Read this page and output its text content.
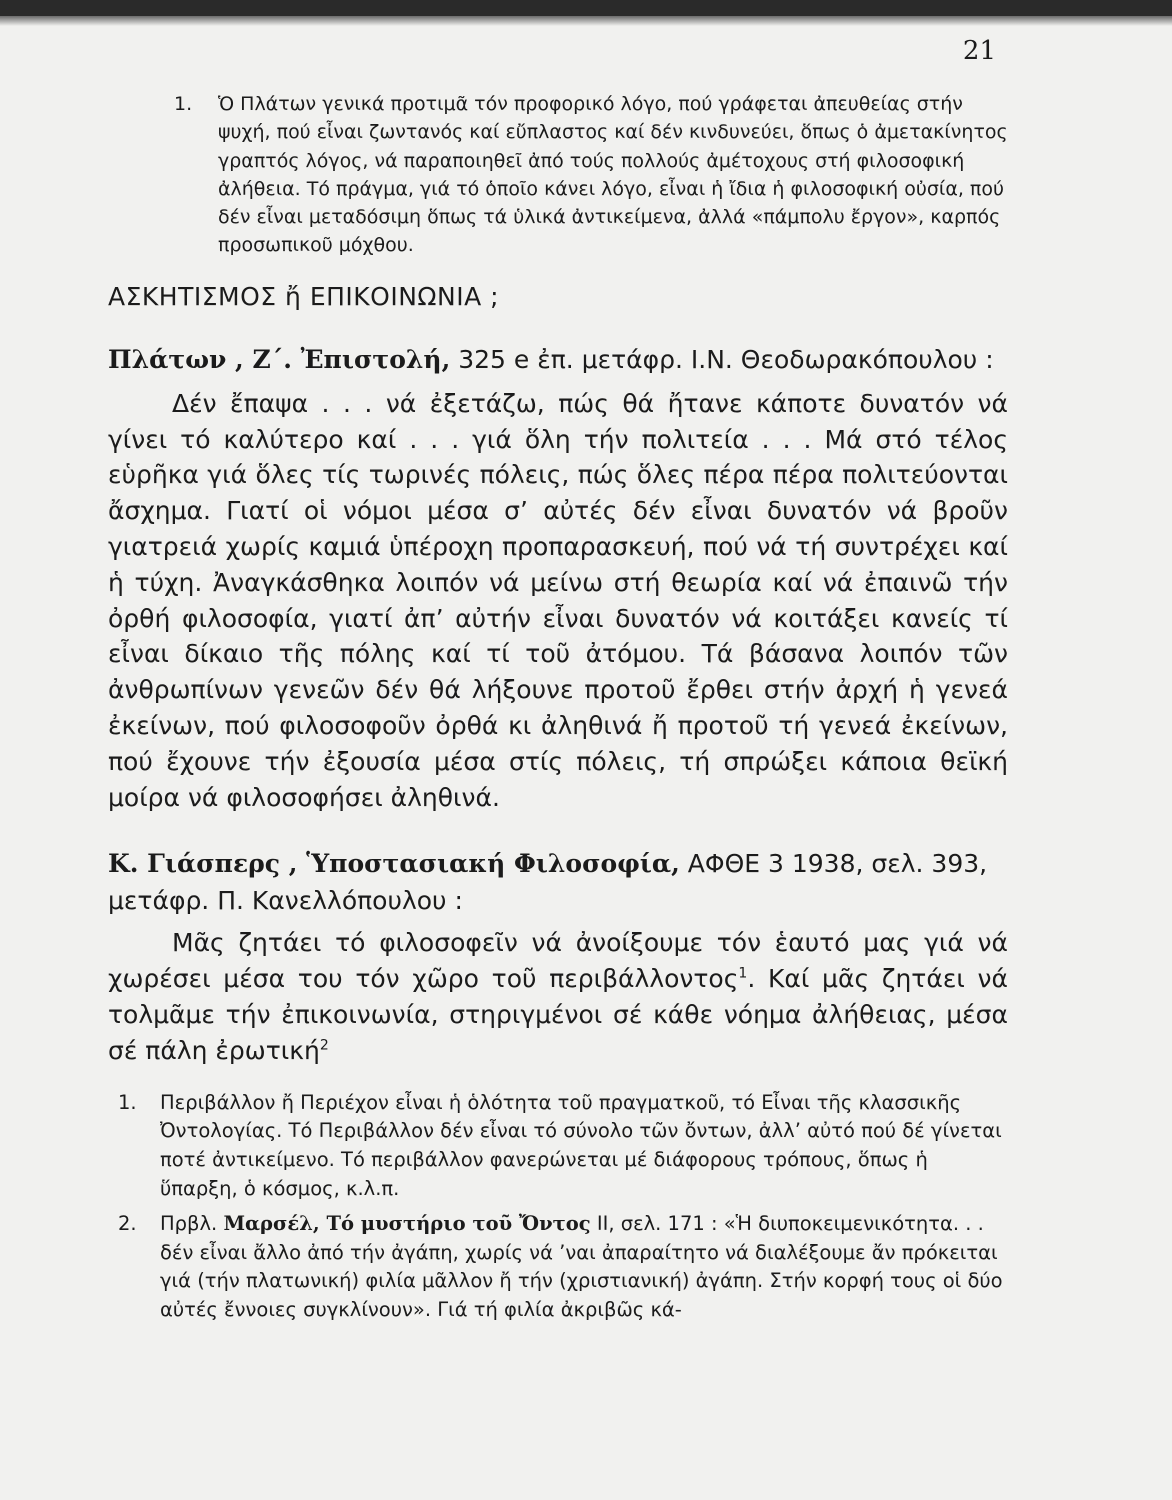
21
1. Ὁ Πλάτων γενικά προτιμᾶ τόν προφορικό λόγο, πού γράφεται ἀπευθείας στήν ψυχή, πού εἶναι ζωντανός καί εὔπλαστος καί δέν κινδυνεύει, ὅπως ὁ ἀμετακίνητος γραπτός λόγος, νά παραποιηθεῖ ἀπό τούς πολλούς ἀμέτοχους στή φιλοσοφική ἀλήθεια. Τό πράγμα, γιά τό ὁποῖο κάνει λόγο, εἶναι ἡ ἴδια ἡ φιλοσοφική οὐσία, πού δέν εἶναι μεταδόσιμη ὅπως τά ὑλικά ἀντικείμενα, ἀλλά «πάμπολυ ἔργον», καρπός προσωπικοῦ μόχθου.
ΑΣΚΗΤΙΣΜΟΣ ἤ ΕΠΙΚΟΙΝΩΝΙΑ ;
Πλάτων , Ζ΄. Ἐπιστολή, 325 e ἐπ. μετάφρ. Ι.Ν. Θεοδωρακόπουλου :

Δέν ἔπαψα . . . νά ἐξετάζω, πώς θά ἤτανε κάποτε δυνατόν νά γίνει τό καλύτερο καί . . . γιά ὅλη τήν πολιτεία . . . Μά στό τέλος εὑρῆκα γιά ὅλες τίς τωρινές πόλεις, πώς ὅλες πέρα πέρα πολιτεύονται ἄσχημα. Γιατί οἱ νόμοι μέσα σ’ αὐτές δέν εἶναι δυνατόν νά βροῦν γιατρειά χωρίς καμιά ὑπέροχη προπαρασκευή, πού νά τή συντρέχει καί ἡ τύχη. Ἀναγκάσθηκα λοιπόν νά μείνω στή θεωρία καί νά ἐπαινῶ τήν ὀρθή φιλοσοφία, γιατί ἀπ’ αὐτήν εἶναι δυνατόν νά κοιτάξει κανείς τί εἶναι δίκαιο τῆς πόλης καί τί τοῦ ἀτόμου. Τά βάσανα λοιπόν τῶν ἀνθρωπίνων γενεῶν δέν θά λήξουνε προτοῦ ἔρθει στήν ἀρχή ἡ γενεά ἐκείνων, πού φιλοσοφοῦν ὀρθά κι ἀληθινά ἤ προτοῦ τή γενεά ἐκείνων, πού ἔχουνε τήν ἐξουσία μέσα στίς πόλεις, τή σπρώξει κάποια θεϊκή μοίρα νά φιλοσοφήσει ἀληθινά.

Κ. Γιάσπερς , Ὑποστασιακή Φιλοσοφία, ΑΦΘΕ 3 1938, σελ. 393, μετάφρ. Π. Κανελλόπουλου :

Μᾶς ζητάει τό φιλοσοφεῖν νά ἀνοίξουμε τόν ἑαυτό μας γιά νά χωρέσει μέσα του τόν χῶρο τοῦ περιβάλλοντος$^1$. Καί μᾶς ζητάει νά τολμᾶμε τήν ἐπικοινωνία, στηριγμένοι σέ κάθε νόημα ἀλήθειας, μέσα σέ πάλη ἐρωτική$^2$

1. Περιβάλλον ἤ Περιέχον εἶναι ἡ ὁλότητα τοῦ πραγματκοῦ, τό Εἶναι τῆς κλασσικῆς Ὀντολογίας. Τό Περιβάλλον δέν εἶναι τό σύνολο τῶν ὄντων, ἀλλ’ αὐτό πού δέ γίνεται ποτέ ἀντικείμενο. Τό περιβάλλον φανερώνεται μέ διάφορους τρόπους, ὅπως ἡ ὕπαρξη, ὁ κόσμος, κ.λ.π.
2. Πρβλ. Μαρσέλ, Τό μυστήριο τοῦ Ὄντος ΙΙ, σελ. 171 : «Ἡ διυποκειμενικότητα. . . δέν εἶναι ἄλλο ἀπό τήν ἀγάπη, χωρίς νά ’ναι ἀπαραίτητο νά διαλέξουμε ἄν πρόκειται γιά (τήν πλατωνική) φιλία μᾶλλον ἤ τήν (χριστιανική) ἀγάπη. Στήν κορφή τους οἱ δύο αὐτές ἔννοιες συγκλίνουν». Γιά τή φιλία ἀκριβῶς κά-
